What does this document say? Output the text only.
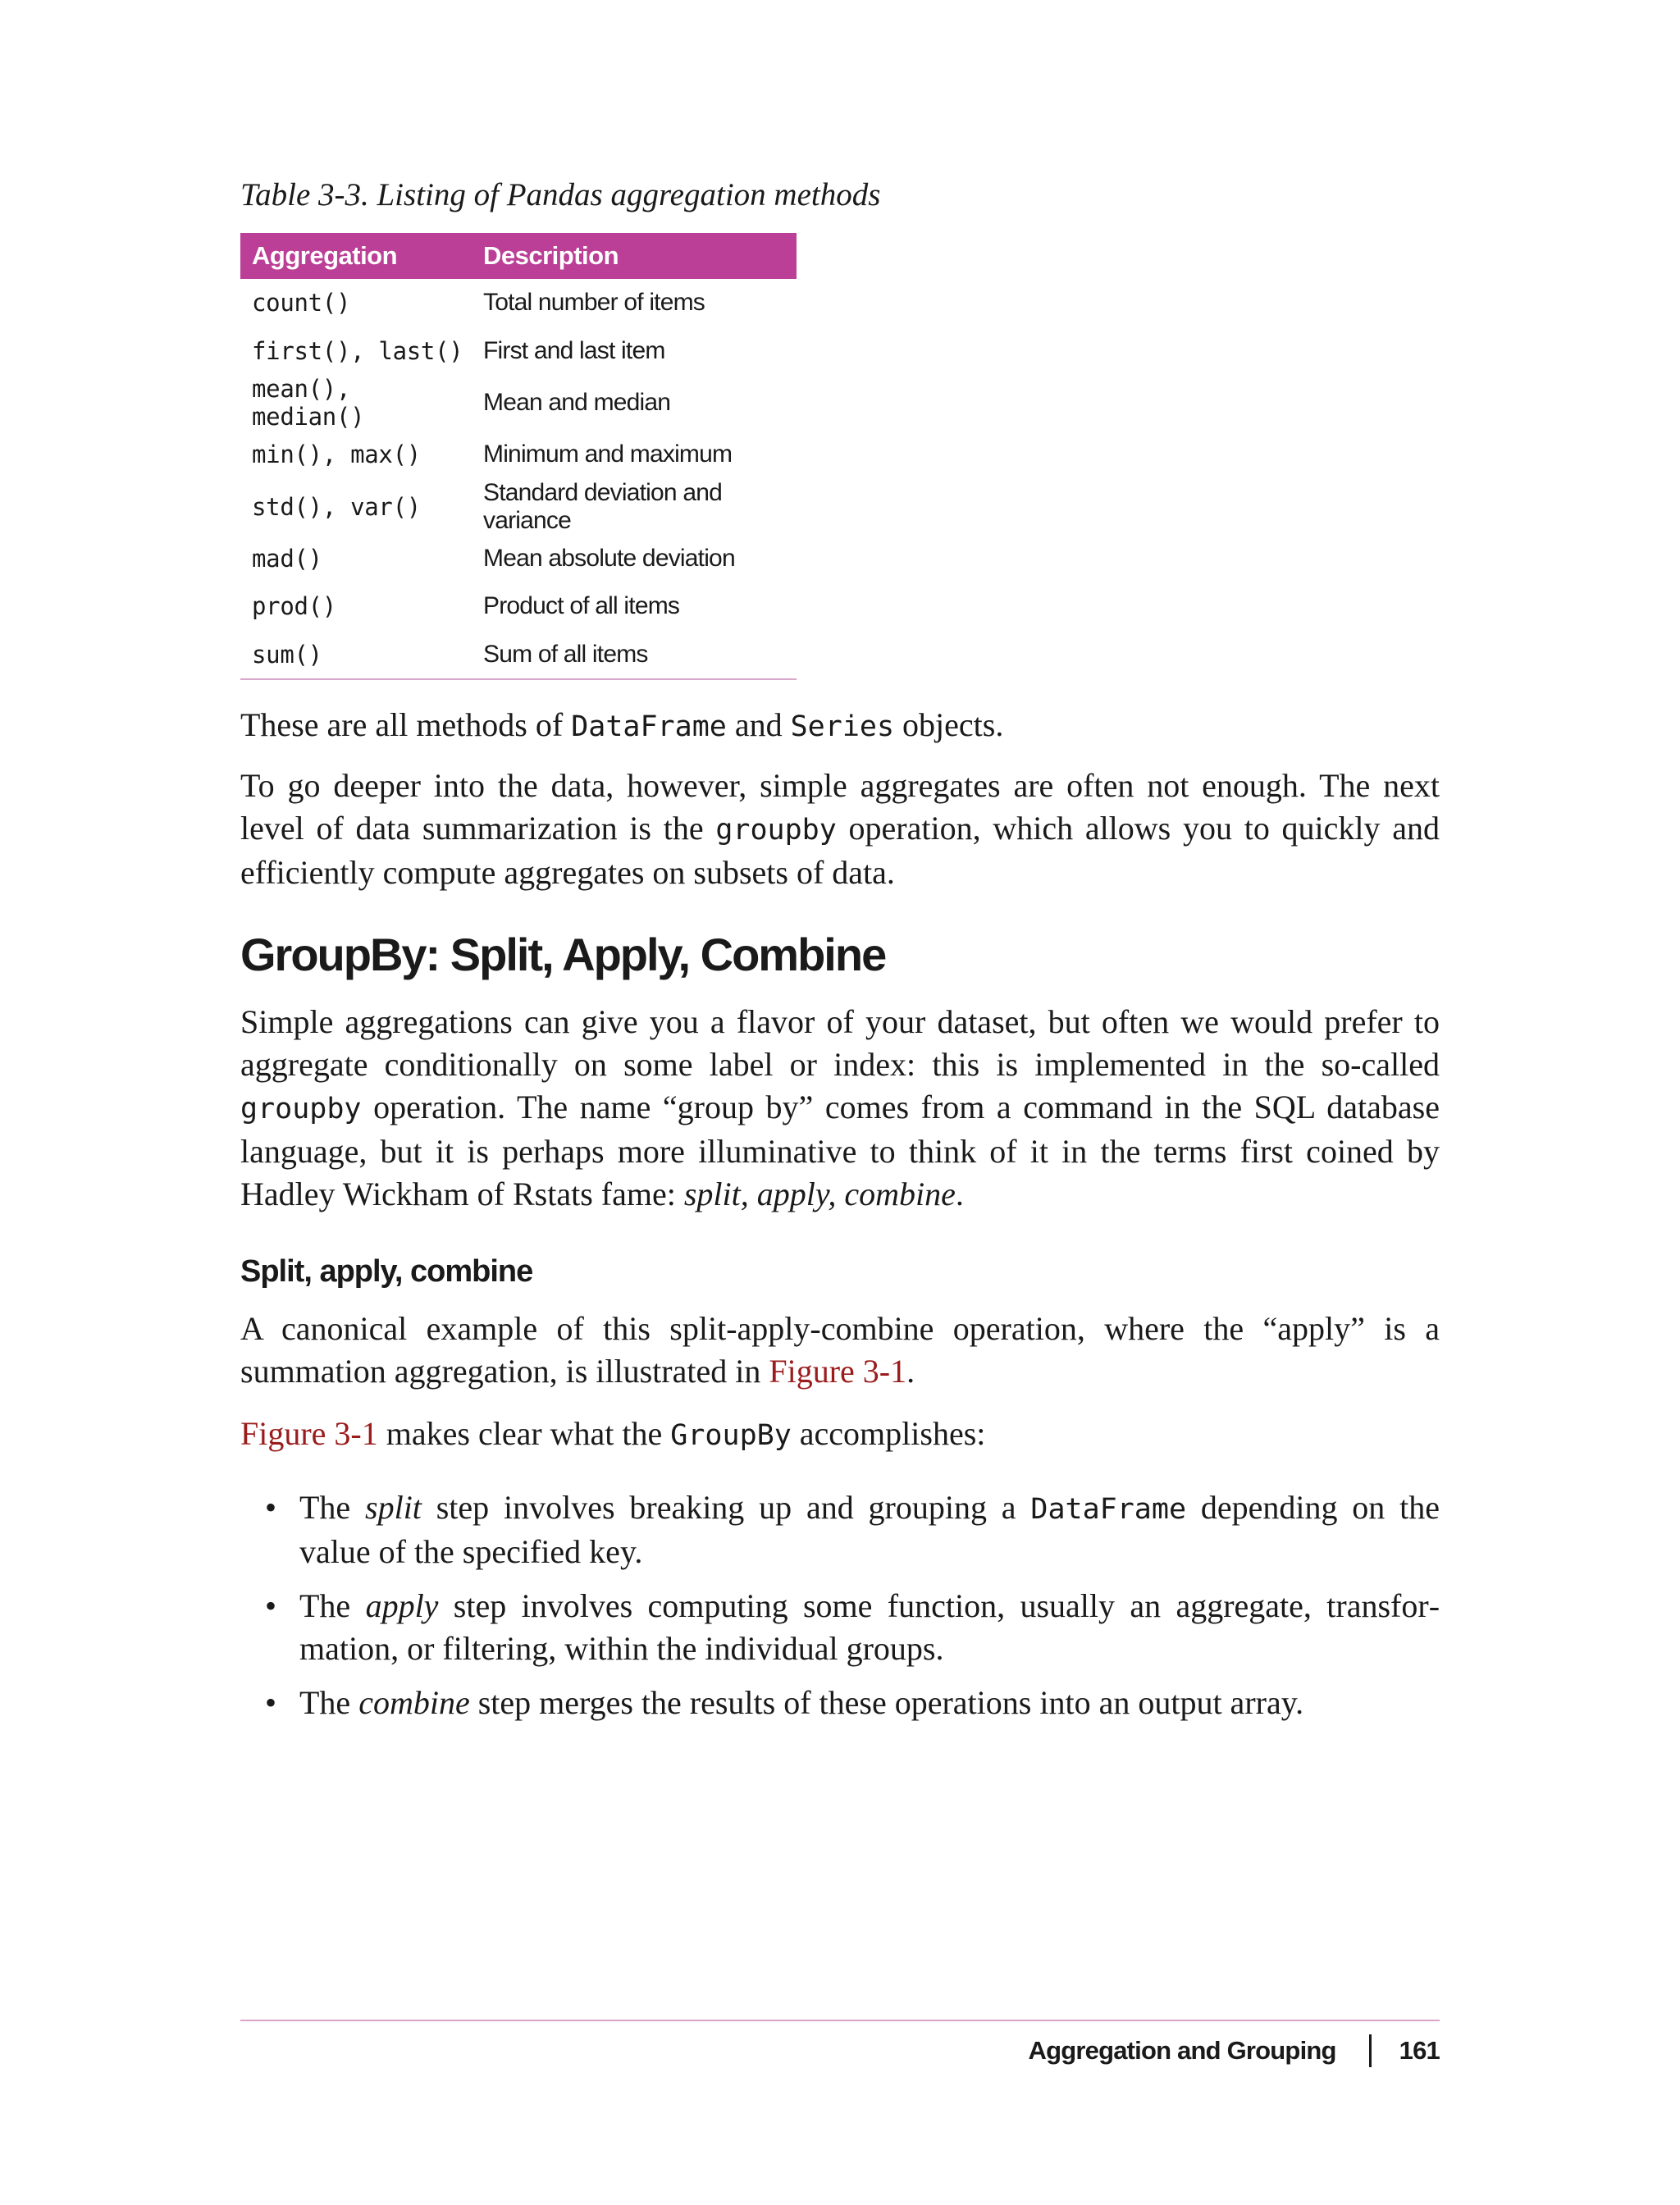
Table 3-3. Listing of Pandas aggregation methods
Aggregation	Description
count()	Total number of items
first(), last()	First and last item
mean(), median()	Mean and median
min(), max()	Minimum and maximum
std(), var()	Standard deviation and variance
mad()	Mean absolute deviation
prod()	Product of all items
sum()	Sum of all items

These are all methods of DataFrame and Series objects.

To go deeper into the data, however, simple aggregates are often not enough. The next level of data summarization is the groupby operation, which allows you to quickly and efficiently compute aggregates on subsets of data.

GroupBy: Split, Apply, Combine

Simple aggregations can give you a flavor of your dataset, but often we would prefer to aggregate conditionally on some label or index: this is implemented in the so-called groupby operation. The name “group by” comes from a command in the SQL database language, but it is perhaps more illuminative to think of it in the terms first coined by Hadley Wickham of Rstats fame: split, apply, combine.

Split, apply, combine

A canonical example of this split-apply-combine operation, where the “apply” is a summation aggregation, is illustrated in Figure 3-1.

Figure 3-1 makes clear what the GroupBy accomplishes:

• The split step involves breaking up and grouping a DataFrame depending on the value of the specified key.
• The apply step involves computing some function, usually an aggregate, transformation, or filtering, within the individual groups.
• The combine step merges the results of these operations into an output array.
Aggregation and Grouping 161
